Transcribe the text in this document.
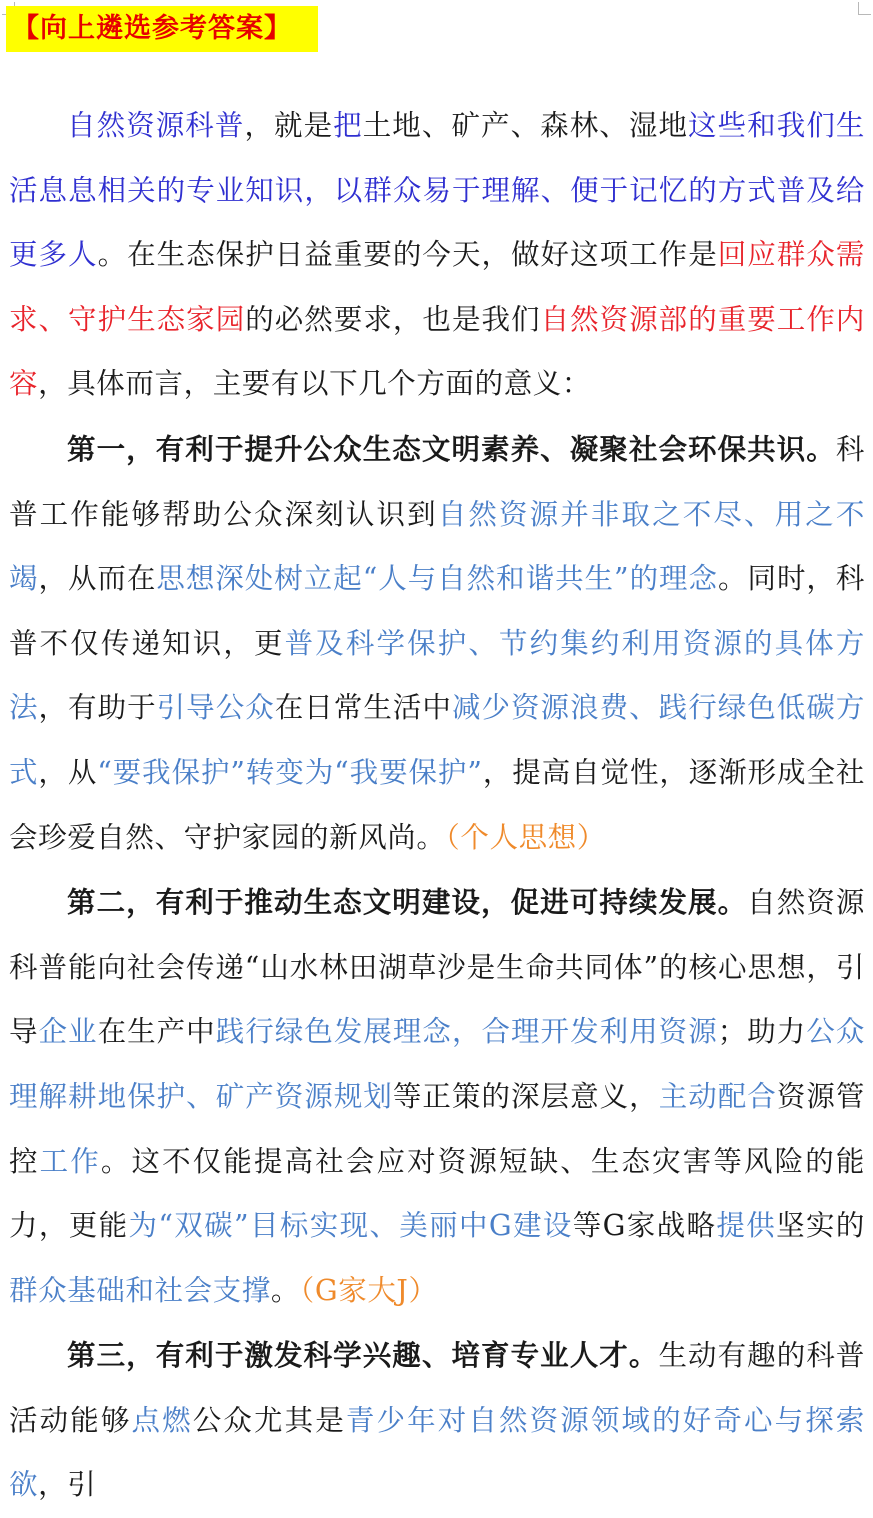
【向上遴选参考答案】

自然资源科普，就是把土地、矿产、森林、湿地这些和我们生活息息相关的专业知识，以群众易于理解、便于记忆的方式普及给更多人。在生态保护日益重要的今天，做好这项工作是回应群众需求、守护生态家园的必然要求，也是我们自然资源部的重要工作内容，具体而言，主要有以下几个方面的意义：

第一，有利于提升公众生态文明素养、凝聚社会环保共识。科普工作能够帮助公众深刻认识到自然资源并非取之不尽、用之不竭，从而在思想深处树立起“人与自然和谐共生”的理念。同时，科普不仅传递知识，更普及科学保护、节约集约利用资源的具体方法，有助于引导公众在日常生活中减少资源浪费、践行绿色低碳方式，从“要我保护”转变为“我要保护”，提高自觉性，逐渐形成全社会珍爱自然、守护家园的新风尚。（个人思想）

第二，有利于推动生态文明建设，促进可持续发展。自然资源科普能向社会传递“山水林田湖草沙是生命共同体”的核心思想，引导企业在生产中践行绿色发展理念，合理开发利用资源；助力公众理解耕地保护、矿产资源规划等正策的深层意义，主动配合资源管控工作。这不仅能提高社会应对资源短缺、生态灾害等风险的能力，更能为“双碳”目标实现、美丽中G建设等G家战略提供坚实的群众基础和社会支撑。（G家大J）

第三，有利于激发科学兴趣、培育专业人才。生动有趣的科普活动能够点燃公众尤其是青少年对自然资源领域的好奇心与探索欲，引
